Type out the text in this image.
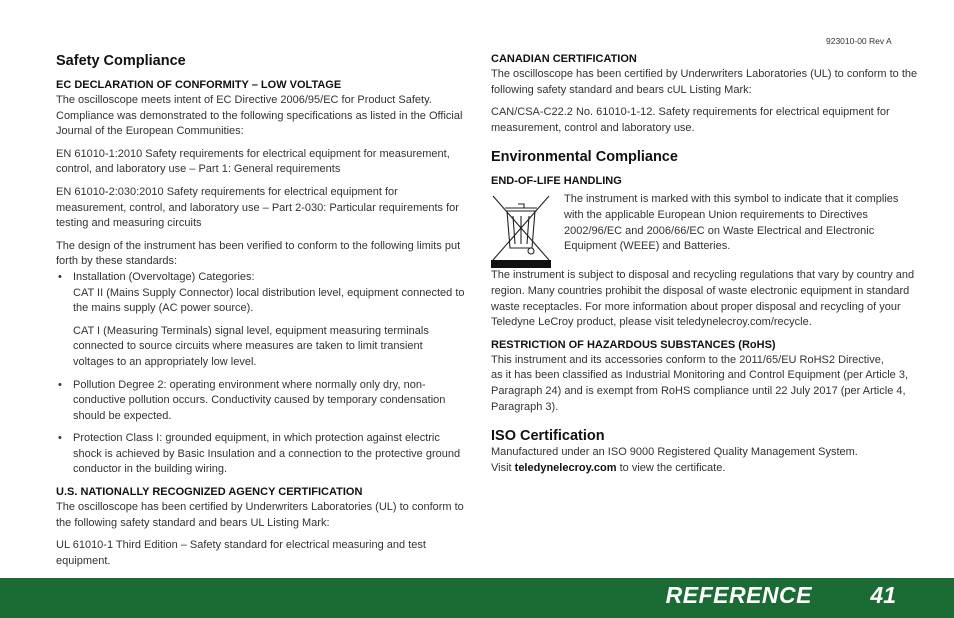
923010-00 Rev A
Safety Compliance
EC DECLARATION OF CONFORMITY – LOW VOLTAGE

The oscilloscope meets intent of EC Directive 2006/95/EC for Product Safety. Compliance was demonstrated to the following specifications as listed in the Official Journal of the European Communities:

EN 61010-1:2010 Safety requirements for electrical equipment for measurement, control, and laboratory use – Part 1: General requirements

EN 61010-2:030:2010 Safety requirements for electrical equipment for measurement, control, and laboratory use – Part 2-030: Particular requirements for testing and measuring circuits

The design of the instrument has been verified to conform to the following limits put forth by these standards:

• Installation (Overvoltage) Categories:

CAT II (Mains Supply Connector) local distribution level, equipment connected to the mains supply (AC power source).

CAT I (Measuring Terminals) signal level, equipment measuring terminals connected to source circuits where measures are taken to limit transient voltages to an appropriately low level.

• Pollution Degree 2: operating environment where normally only dry, non-conductive pollution occurs. Conductivity caused by temporary condensation should be expected.
• Protection Class I: grounded equipment, in which protection against electric shock is achieved by Basic Insulation and a connection to the protective ground conductor in the building wiring.
U.S. NATIONALLY RECOGNIZED AGENCY CERTIFICATION

The oscilloscope has been certified by Underwriters Laboratories (UL) to conform to the following safety standard and bears UL Listing Mark:

UL 61010-1 Third Edition – Safety standard for electrical measuring and test equipment.

CANADIAN CERTIFICATION

The oscilloscope has been certified by Underwriters Laboratories (UL) to conform to the following safety standard and bears cUL Listing Mark:

CAN/CSA-C22.2 No. 61010-1-12. Safety requirements for electrical equipment for measurement, control and laboratory use.

Environmental Compliance
END-OF-LIFE HANDLING

The instrument is marked with this symbol to indicate that it complies with the applicable European Union requirements to Directives 2002/96/EC and 2006/66/EC on Waste Electrical and Electronic Equipment (WEEE) and Batteries.

The instrument is subject to disposal and recycling regulations that vary by country and region. Many countries prohibit the disposal of waste electronic equipment in standard waste receptacles. For more information about proper disposal and recycling of your Teledyne LeCroy product, please visit teledynelecroy.com/recycle.

RESTRICTION OF HAZARDOUS SUBSTANCES (RoHS)

This instrument and its accessories conform to the 2011/65/EU RoHS2 Directive,

as it has been classified as Industrial Monitoring and Control Equipment (per Article 3, Paragraph 24) and is exempt from RoHS compliance until 22 July 2017 (per Article 4, Paragraph 3).

ISO Certification

Manufactured under an ISO 9000 Registered Quality Management System.

Visit teledynelecroy.com to view the certificate.

REFERENCE	41
